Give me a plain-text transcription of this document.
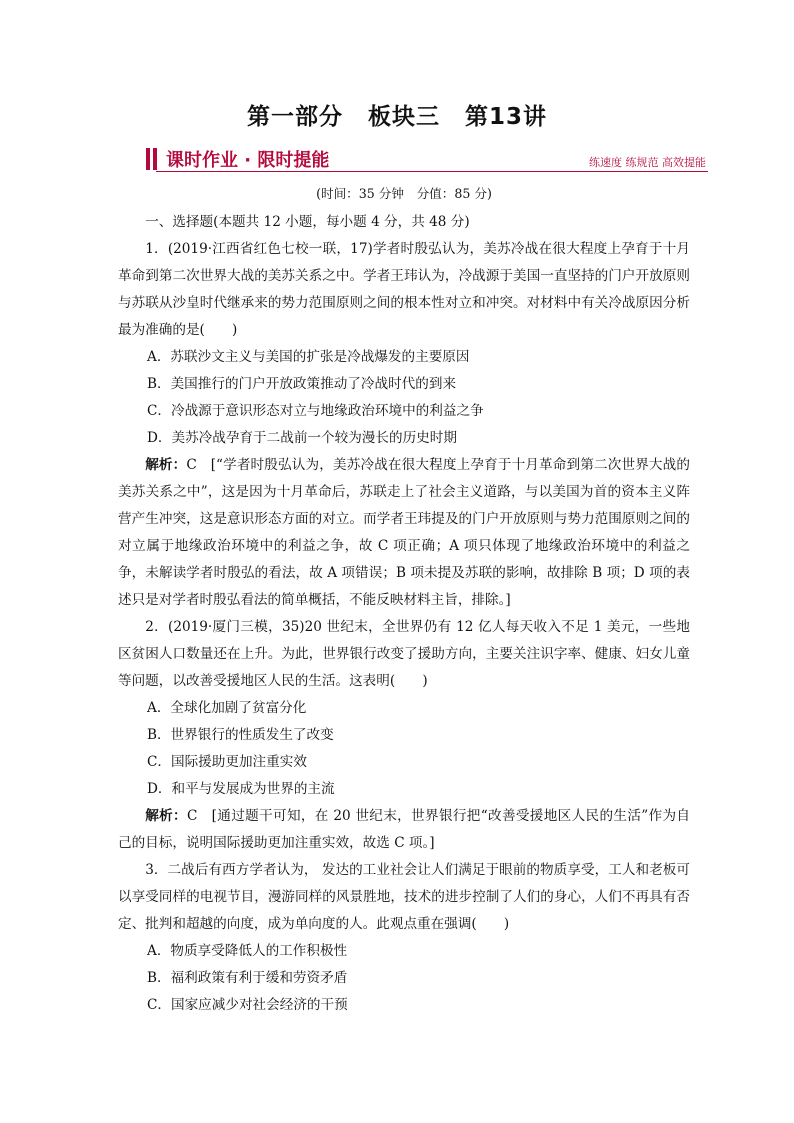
第一部分 板块三 第13讲
课时作业 · 限时提能	练速度 练规范 高效提能
(时间：35 分钟　分值：85 分)
一、选择题(本题共 12 小题，每小题 4 分，共 48 分)
1．(2019·江西省红色七校一联，17)学者时殷弘认为，美苏冷战在很大程度上孕育于十月革命到第二次世界大战的美苏关系之中。学者王玮认为，冷战源于美国一直坚持的门户开放原则与苏联从沙皇时代继承来的势力范围原则之间的根本性对立和冲突。对材料中有关冷战原因分析最为准确的是(　　)
A．苏联沙文主义与美国的扩张是冷战爆发的主要原因
B．美国推行的门户开放政策推动了冷战时代的到来
C．冷战源于意识形态对立与地缘政治环境中的利益之争
D．美苏冷战孕育于二战前一个较为漫长的历史时期
解析：C　[“学者时殷弘认为，美苏冷战在很大程度上孕育于十月革命到第二次世界大战的美苏关系之中”，这是因为十月革命后，苏联走上了社会主义道路，与以美国为首的资本主义阵营产生冲突，这是意识形态方面的对立。而学者王玮提及的门户开放原则与势力范围原则之间的对立属于地缘政治环境中的利益之争，故 C 项正确；A 项只体现了地缘政治环境中的利益之争，未解读学者时殷弘的看法，故 A 项错误；B 项未提及苏联的影响，故排除 B 项；D 项的表述只是对学者时殷弘看法的简单概括，不能反映材料主旨，排除。]
2．(2019·厦门三模，35)20 世纪末，全世界仍有 12 亿人每天收入不足 1 美元，一些地区贫困人口数量还在上升。为此，世界银行改变了援助方向，主要关注识字率、健康、妇女儿童等问题，以改善受援地区人民的生活。这表明(　　)
A．全球化加剧了贫富分化
B．世界银行的性质发生了改变
C．国际援助更加注重实效
D．和平与发展成为世界的主流
解析：C　[通过题干可知，在 20 世纪末，世界银行把“改善受援地区人民的生活”作为自己的目标，说明国际援助更加注重实效，故选 C 项。]
3．二战后有西方学者认为， 发达的工业社会让人们满足于眼前的物质享受，工人和老板可以享受同样的电视节目，漫游同样的风景胜地，技术的进步控制了人们的身心，人们不再具有否定、批判和超越的向度，成为单向度的人。此观点重在强调(　　)
A．物质享受降低人的工作积极性
B．福利政策有利于缓和劳资矛盾
C．国家应减少对社会经济的干预
